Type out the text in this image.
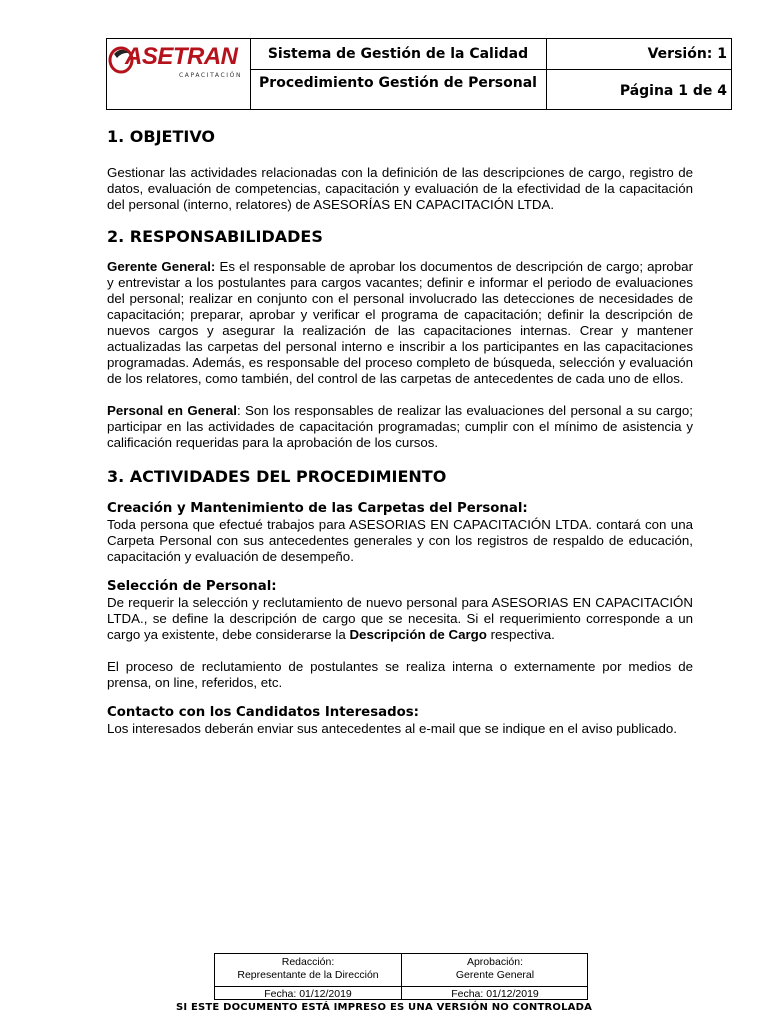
ASETRAN
CAPACITACIÓN
Sistema de Gestión de la Calidad
Procedimiento Gestión de Personal
Versión: 1
Página 1 de 4
1. OBJETIVO

Gestionar las actividades relacionadas con la definición de las descripciones de cargo, registro de datos, evaluación de competencias, capacitación y evaluación de la efectividad de la capacitación del personal (interno, relatores) de ASESORÍAS EN CAPACITACIÓN LTDA.

2. RESPONSABILIDADES

Gerente General: Es el responsable de aprobar los documentos de descripción de cargo; aprobar y entrevistar a los postulantes para cargos vacantes; definir e informar el periodo de evaluaciones del personal; realizar en conjunto con el personal involucrado las detecciones de necesidades de capacitación; preparar, aprobar y verificar el programa de capacitación; definir la descripción de nuevos cargos y asegurar la realización de las capacitaciones internas. Crear y mantener actualizadas las carpetas del personal interno e inscribir a los participantes en las capacitaciones programadas. Además, es responsable del proceso completo de búsqueda, selección y evaluación de los relatores, como también, del control de las carpetas de antecedentes de cada uno de ellos.

Personal en General: Son los responsables de realizar las evaluaciones del personal a su cargo; participar en las actividades de capacitación programadas; cumplir con el mínimo de asistencia y calificación requeridas para la aprobación de los cursos.

3. ACTIVIDADES DEL PROCEDIMIENTO

Creación y Mantenimiento de las Carpetas del Personal:

Toda persona que efectué trabajos para ASESORIAS EN CAPACITACIÓN LTDA. contará con una Carpeta Personal con sus antecedentes generales y con los registros de respaldo de educación, capacitación y evaluación de desempeño.

Selección de Personal:

De requerir la selección y reclutamiento de nuevo personal para ASESORIAS EN CAPACITACIÓN LTDA., se define la descripción de cargo que se necesita. Si el requerimiento corresponde a un cargo ya existente, debe considerarse la Descripción de Cargo respectiva.

El proceso de reclutamiento de postulantes se realiza interna o externamente por medios de prensa, on line, referidos, etc.

Contacto con los Candidatos Interesados:

Los interesados deberán enviar sus antecedentes al e-mail que se indique en el aviso publicado.

Redacción:
Representante de la Dirección
Aprobación:
Gerente General
Fecha: 01/12/2019	Fecha: 01/12/2019
SI ESTE DOCUMENTO ESTÁ IMPRESO ES UNA VERSIÓN NO CONTROLADA
